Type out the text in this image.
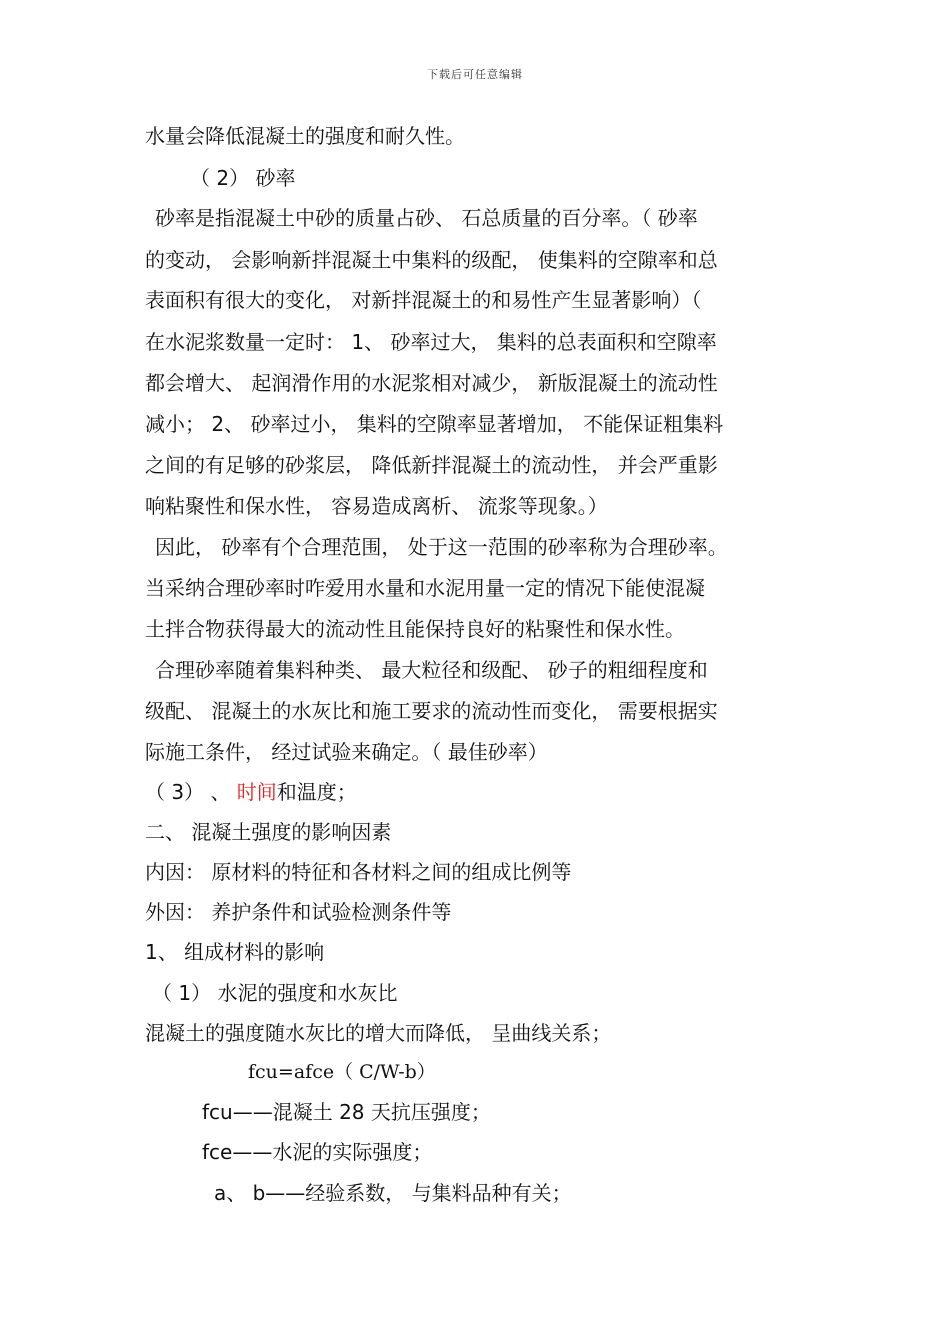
下载后可任意编辑
水量会降低混凝土的强度和耐久性。
（ 2） 砂率
砂率是指混凝土中砂的质量占砂、 石总质量的百分率。（ 砂率
的变动， 会影响新拌混凝土中集料的级配， 使集料的空隙率和总
表面积有很大的变化， 对新拌混凝土的和易性产生显著影响）（
在水泥浆数量一定时： 1、 砂率过大， 集料的总表面积和空隙率
都会增大、 起润滑作用的水泥浆相对减少， 新版混凝土的流动性
减小； 2、 砂率过小， 集料的空隙率显著增加， 不能保证粗集料
之间的有足够的砂浆层， 降低新拌混凝土的流动性， 并会严重影
响粘聚性和保水性， 容易造成离析、 流浆等现象。）
因此， 砂率有个合理范围， 处于这一范围的砂率称为合理砂率。
当采纳合理砂率时咋爱用水量和水泥用量一定的情况下能使混凝
土拌合物获得最大的流动性且能保持良好的粘聚性和保水性。
合理砂率随着集料种类、 最大粒径和级配、 砂子的粗细程度和
级配、 混凝土的水灰比和施工要求的流动性而变化， 需要根据实
际施工条件， 经过试验来确定。（ 最佳砂率）
（ 3） 、 时间和温度；
二、 混凝土强度的影响因素
内因： 原材料的特征和各材料之间的组成比例等
外因： 养护条件和试验检测条件等
1、 组成材料的影响
（ 1） 水泥的强度和水灰比
混凝土的强度随水灰比的增大而降低， 呈曲线关系；
fcu=afce（ C/W-b）
fcu——混凝土 28 天抗压强度；
fce——水泥的实际强度；
a、 b——经验系数， 与集料品种有关；
